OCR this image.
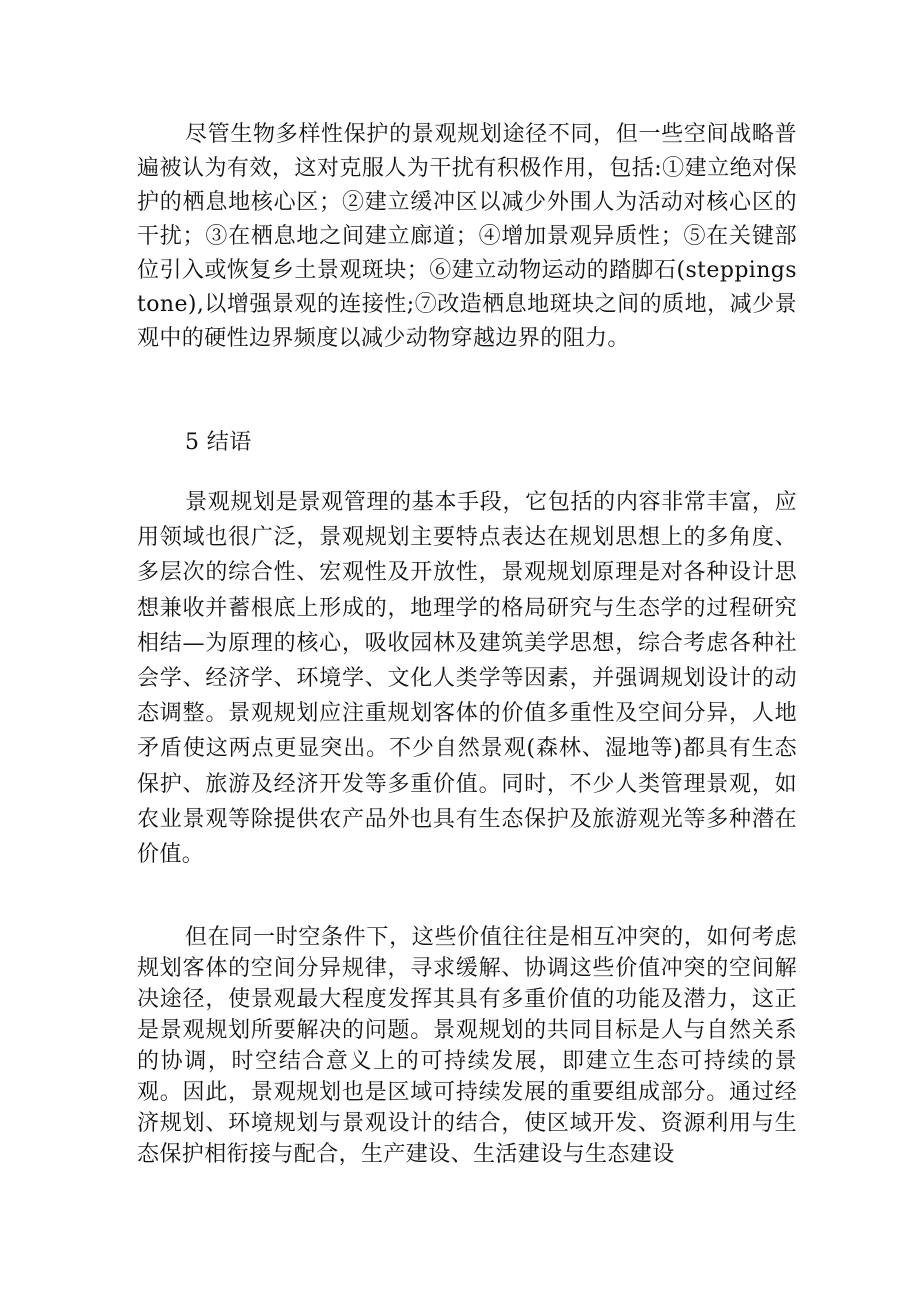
尽管生物多样性保护的景观规划途径不同，但一些空间战略普遍被认为有效，这对克服人为干扰有积极作用，包括:①建立绝对保护的栖息地核心区；②建立缓冲区以减少外围人为活动对核心区的干扰；③在栖息地之间建立廊道；④增加景观异质性；⑤在关键部位引入或恢复乡土景观斑块；⑥建立动物运动的踏脚石(steppingstone),以增强景观的连接性;⑦改造栖息地斑块之间的质地，减少景观中的硬性边界频度以减少动物穿越边界的阻力。

5 结语

景观规划是景观管理的基本手段，它包括的内容非常丰富，应用领域也很广泛，景观规划主要特点表达在规划思想上的多角度、多层次的综合性、宏观性及开放性，景观规划原理是对各种设计思想兼收并蓄根底上形成的，地理学的格局研究与生态学的过程研究相结—为原理的核心，吸收园林及建筑美学思想，综合考虑各种社会学、经济学、环境学、文化人类学等因素，并强调规划设计的动态调整。景观规划应注重规划客体的价值多重性及空间分异，人地矛盾使这两点更显突出。不少自然景观(森林、湿地等)都具有生态保护、旅游及经济开发等多重价值。同时，不少人类管理景观，如农业景观等除提供农产品外也具有生态保护及旅游观光等多种潜在价值。

但在同一时空条件下，这些价值往往是相互冲突的，如何考虑规划客体的空间分异规律，寻求缓解、协调这些价值冲突的空间解决途径，使景观最大程度发挥其具有多重价值的功能及潜力，这正是景观规划所要解决的问题。景观规划的共同目标是人与自然关系的协调，时空结合意义上的可持续发展，即建立生态可持续的景观。因此，景观规划也是区域可持续发展的重要组成部分。通过经济规划、环境规划与景观设计的结合，使区域开发、资源利用与生态保护相衔接与配合，生产建设、生活建设与生态建设
